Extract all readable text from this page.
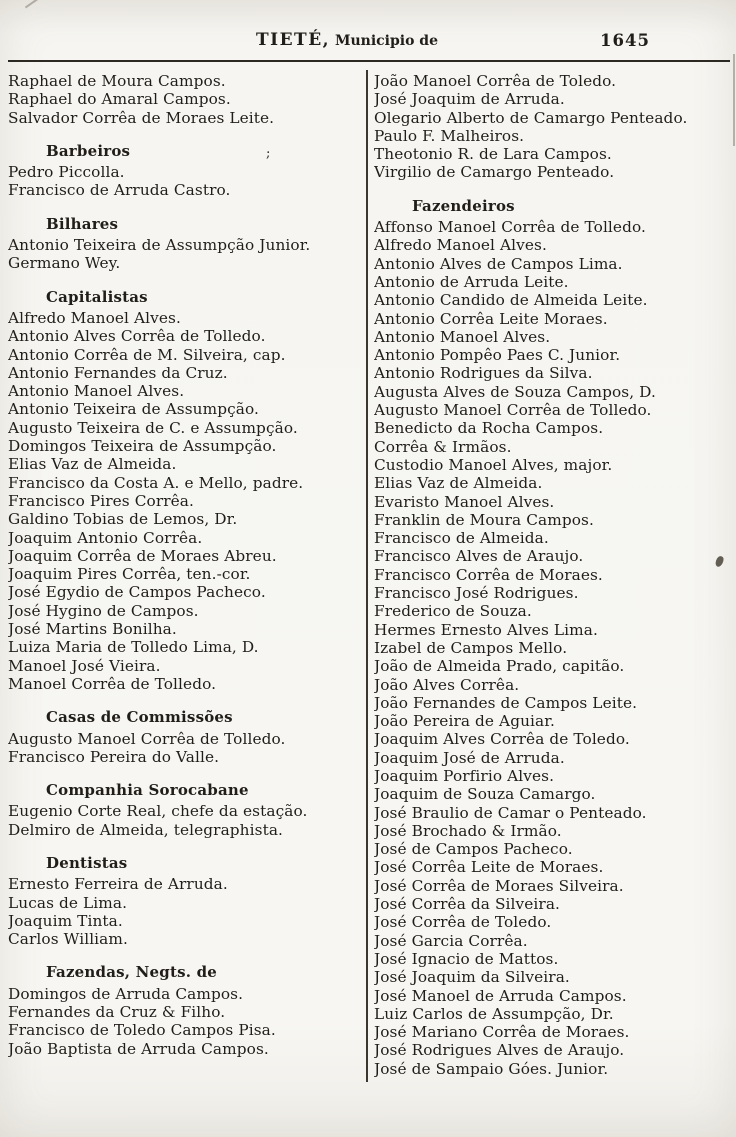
TIETÉ, Municipio de	1645
Raphael de Moura Campos.
Raphael do Amaral Campos.
Salvador Corrêa de Moraes Leite.
Barbeiros
Pedro Piccolla.
Francisco de Arruda Castro.
Bilhares
Antonio Teixeira de Assumpção Junior.
Germano Wey.
Capitalistas
Alfredo Manoel Alves.
Antonio Alves Corrêa de Tolledo.
Antonio Corrêa de M. Silveira, cap.
Antonio Fernandes da Cruz.
Antonio Manoel Alves.
Antonio Teixeira de Assumpção.
Augusto Teixeira de C. e Assumpção.
Domingos Teixeira de Assumpção.
Elias Vaz de Almeida.
Francisco da Costa A. e Mello, padre.
Francisco Pires Corrêa.
Galdino Tobias de Lemos, Dr.
Joaquim Antonio Corrêa.
Joaquim Corrêa de Moraes Abreu.
Joaquim Pires Corrêa, ten.-cor.
José Egydio de Campos Pacheco.
José Hygino de Campos.
José Martins Bonilha.
Luiza Maria de Tolledo Lima, D.
Manoel José Vieira.
Manoel Corrêa de Tolledo.
Casas de Commissões
Augusto Manoel Corrêa de Tolledo.
Francisco Pereira do Valle.
Companhia Sorocabane
Eugenio Corte Real, chefe da estação.
Delmiro de Almeida, telegraphista.
Dentistas
Ernesto Ferreira de Arruda.
Lucas de Lima.
Joaquim Tinta.
Carlos William.
Fazendas, Negts. de
Domingos de Arruda Campos.
Fernandes da Cruz & Filho.
Francisco de Toledo Campos Pisa.
João Baptista de Arruda Campos.
João Manoel Corrêa de Toledo.
José Joaquim de Arruda.
Olegario Alberto de Camargo Penteado.
Paulo F. Malheiros.
Theotonio R. de Lara Campos.
Virgilio de Camargo Penteado.
Fazendeiros
Affonso Manoel Corrêa de Tolledo.
Alfredo Manoel Alves.
Antonio Alves de Campos Lima.
Antonio de Arruda Leite.
Antonio Candido de Almeida Leite.
Antonio Corrêa Leite Moraes.
Antonio Manoel Alves.
Antonio Pompêo Paes C. Junior.
Antonio Rodrigues da Silva.
Augusta Alves de Souza Campos, D.
Augusto Manoel Corrêa de Tolledo.
Benedicto da Rocha Campos.
Corrêa & Irmãos.
Custodio Manoel Alves, major.
Elias Vaz de Almeida.
Evaristo Manoel Alves.
Franklin de Moura Campos.
Francisco de Almeida.
Francisco Alves de Araujo.
Francisco Corrêa de Moraes.
Francisco José Rodrigues.
Frederico de Souza.
Hermes Ernesto Alves Lima.
Izabel de Campos Mello.
João de Almeida Prado, capitão.
João Alves Corrêa.
João Fernandes de Campos Leite.
João Pereira de Aguiar.
Joaquim Alves Corrêa de Toledo.
Joaquim José de Arruda.
Joaquim Porfirio Alves.
Joaquim de Souza Camargo.
José Braulio de Camar o Penteado.
José Brochado & Irmão.
José de Campos Pacheco.
José Corrêa Leite de Moraes.
José Corrêa de Moraes Silveira.
José Corrêa da Silveira.
José Corrêa de Toledo.
José Garcia Corrêa.
José Ignacio de Mattos.
José Joaquim da Silveira.
José Manoel de Arruda Campos.
Luiz Carlos de Assumpção, Dr.
José Mariano Corrêa de Moraes.
José Rodrigues Alves de Araujo.
José de Sampaio Góes. Junior.
;
